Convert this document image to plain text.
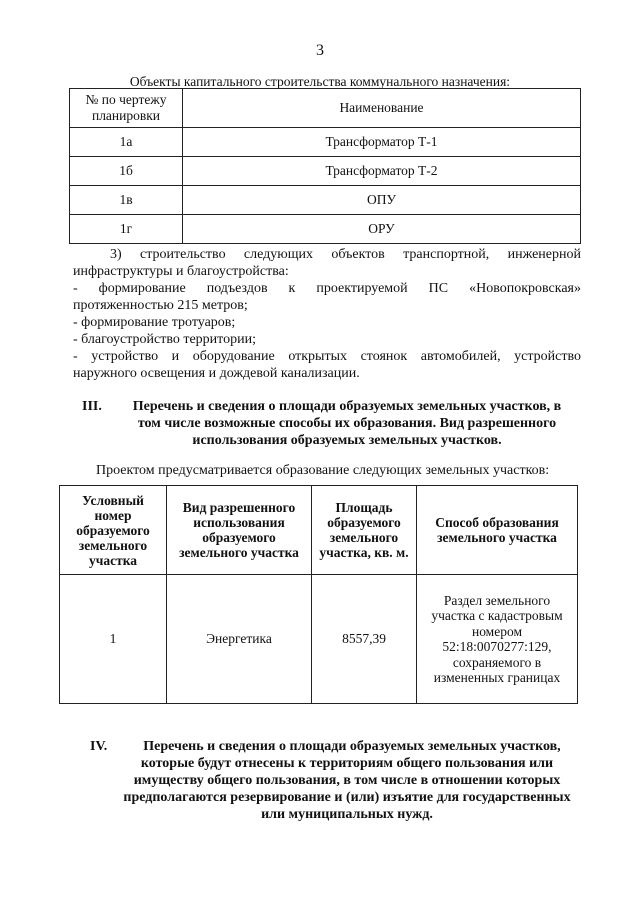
3
Объекты капитального строительства коммунального назначения:
№ по чертежу планировки	Наименование
1а	Трансформатор Т-1
1б	Трансформатор Т-2
1в	ОПУ
1г	ОРУ
3) строительство следующих объектов транспортной, инженерной
инфраструктуры и благоустройства:
- формирование подъездов к проектируемой ПС «Новопокровская»
протяженностью 215 метров;
- формирование тротуаров;
- благоустройство территории;
- устройство и оборудование открытых стоянок автомобилей, устройство
наружного освещения и дождевой канализации.
III.	Перечень и сведения о площади образуемых земельных участков, в
том числе возможные способы их образования. Вид разрешенного
использования образуемых земельных участков.
Проектом предусматривается образование следующих земельных участков:
Условный номер образуемого земельного участка	Вид разрешенного использования образуемого земельного участка	Площадь образуемого земельного участка, кв. м.	Способ образования земельного участка
1	Энергетика	8557,39	Раздел земельного участка с кадастровым номером 52:18:0070277:129, сохраняемого в измененных границах
IV.	Перечень и сведения о площади образуемых земельных участков,
которые будут отнесены к территориям общего пользования или
имуществу общего пользования, в том числе в отношении которых
предполагаются резервирование и (или) изъятие для государственных
или муниципальных нужд.
